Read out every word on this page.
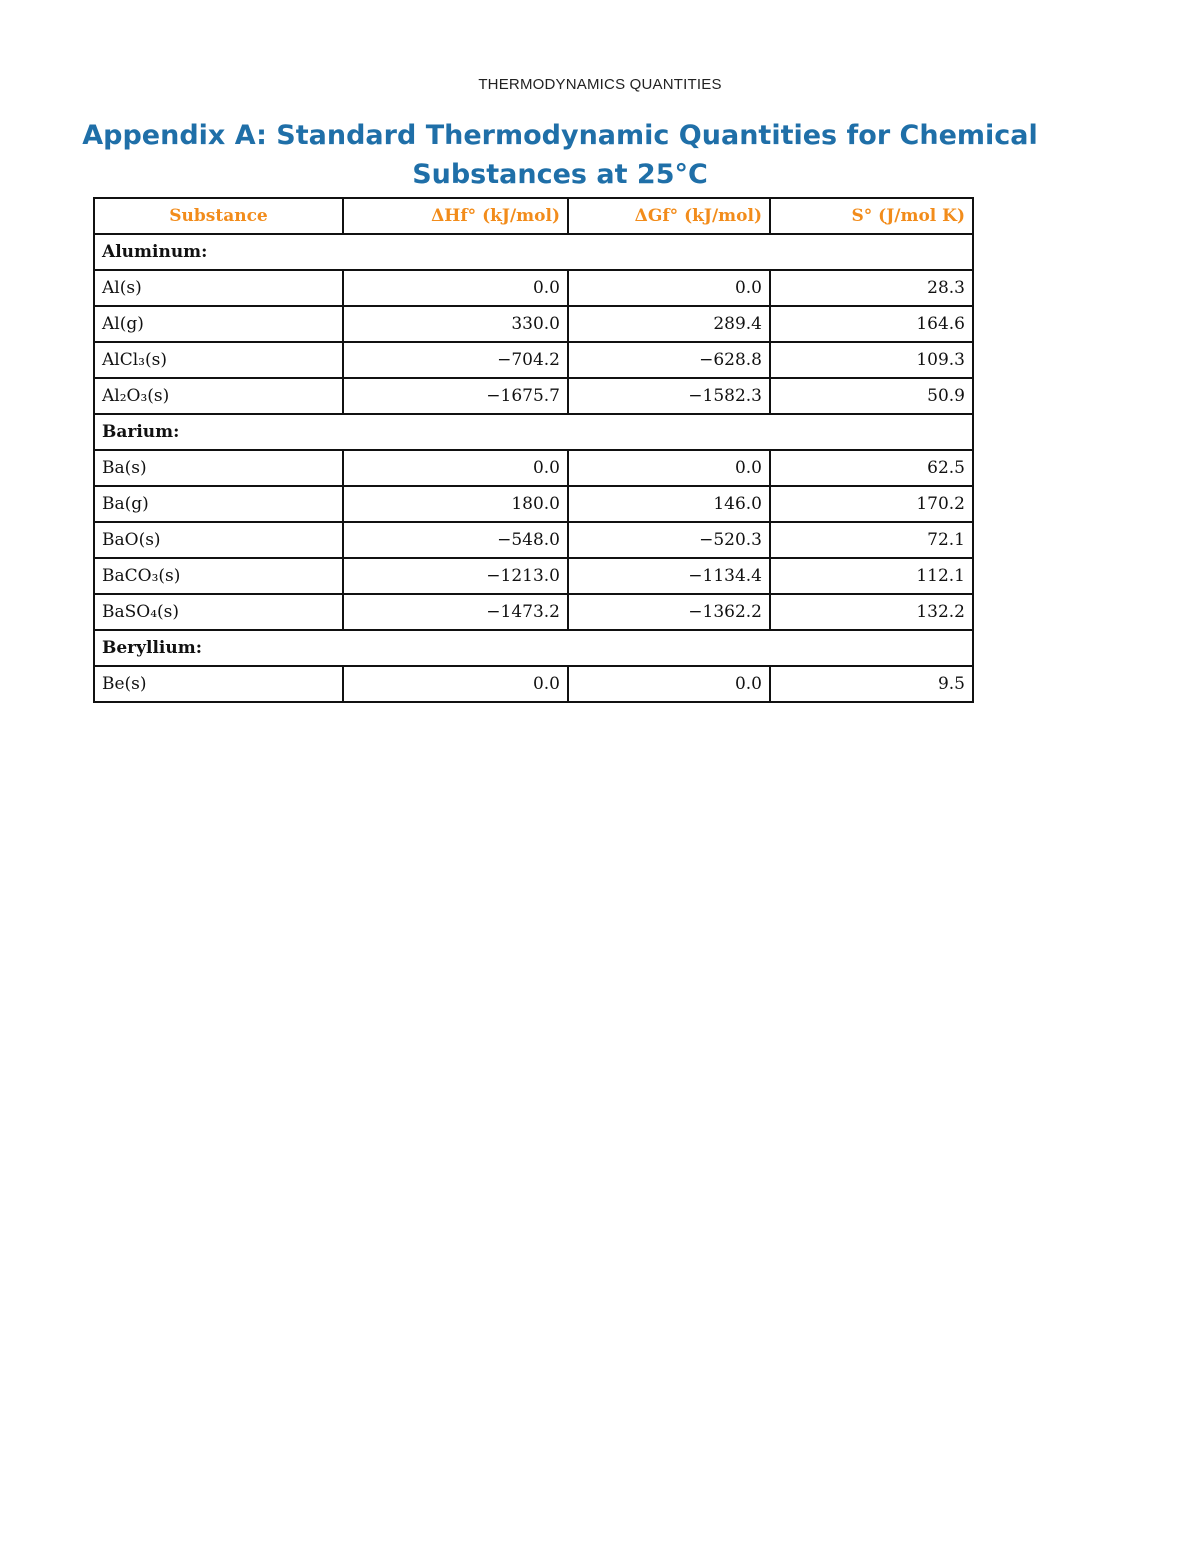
THERMODYNAMICS QUANTITIES
Appendix A: Standard Thermodynamic Quantities for Chemical
Substances at 25°C
Substance	ΔHf° (kJ/mol)	ΔGf° (kJ/mol)	S° (J/mol K)
Aluminum:			
Al(s)	0.0	0.0	28.3
Al(g)	330.0	289.4	164.6
AlCl₃(s)	−704.2	−628.8	109.3
Al₂O₃(s)	−1675.7	−1582.3	50.9
Barium:			
Ba(s)	0.0	0.0	62.5
Ba(g)	180.0	146.0	170.2
BaO(s)	−548.0	−520.3	72.1
BaCO₃(s)	−1213.0	−1134.4	112.1
BaSO₄(s)	−1473.2	−1362.2	132.2
Beryllium:			
Be(s)	0.0	0.0	9.5
